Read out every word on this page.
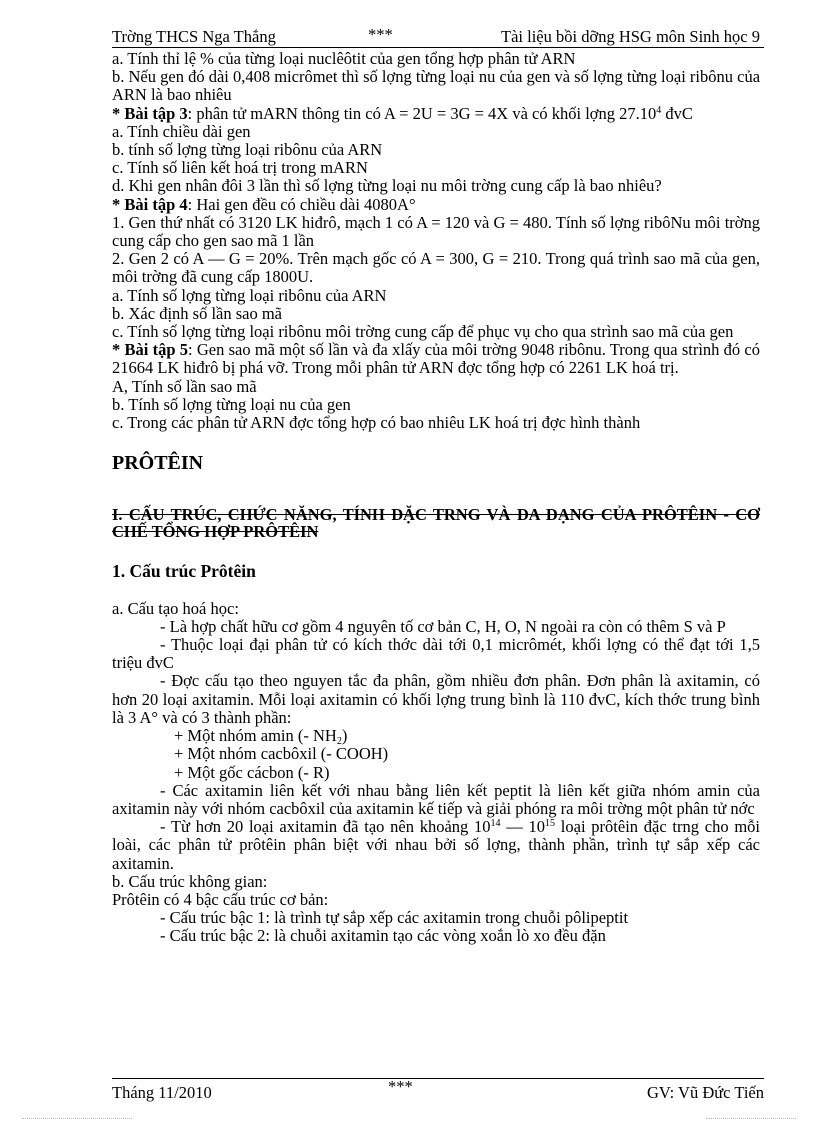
Trờng THCS Nga Thắng	***	Tài liệu bồi dỡng HSG môn Sinh học 9

a. Tính thỉ lệ % của từng loại nuclêôtit của gen tổng hợp phân tử ARN

b. Nếu gen đó dài 0,408 micrômet thì số lợng từng loại nu của gen và số lợng từng loại ribônu của ARN là bao nhiêu

* Bài tập 3: phân tử mARN thông tin có A = 2U = 3G = 4X và có khối lợng 27.10$^4$ đvC

a. Tính chiều dài gen

b. tính số lợng từng loại ribônu của ARN

c. Tính số liên kết hoá trị trong mARN

d. Khi gen nhân đôi 3 lần thì số lợng từng loại nu môi trờng cung cấp là bao nhiêu?

* Bài tập 4: Hai gen đều có chiều dài 4080A°

1. Gen thứ nhất có 3120 LK hiđrô, mạch 1 có A = 120 và G = 480. Tính số lợng ribôNu môi trờng cung cấp cho gen sao mã 1 lần

2. Gen 2 có A — G = 20%. Trên mạch gốc có A = 300, G = 210. Trong quá trình sao mã của gen, môi trờng đã cung cấp 1800U.

a. Tính số lợng từng loại ribônu của ARN

b. Xác định số lần sao mã

c. Tính số lợng từng loại ribônu môi trờng cung cấp để phục vụ cho qua strình sao mã của gen

* Bài tập 5: Gen sao mã một số lần và đa xlấy của môi trờng 9048 ribônu. Trong qua strình đó có 21664 LK hiđrô bị phá vỡ. Trong mỗi phân tử ARN đợc tổng hợp có 2261 LK hoá trị.

A, Tính số lần sao mã

b. Tính số lợng từng loại nu của gen

c. Trong các phân tử ARN đợc tổng hợp có bao nhiêu LK hoá trị đợc hình thành

PRÔTÊIN

I. CẤU TRÚC, CHỨC NĂNG, TÍNH ĐẶC TRNG VÀ ĐA DẠNG CỦA PRÔTÊIN - CƠ CHẾ TỔNG HỢP PRÔTÊIN

1. Cấu trúc Prôtêin

a. Cấu tạo hoá học:

- Là hợp chất hữu cơ gồm 4 nguyên tố cơ bản C, H, O, N ngoài ra còn có thêm S và P

- Thuộc loại đại phân tử có kích thớc dài tới 0,1 micrômét, khối lợng có thể đạt tới 1,5 triệu đvC

- Đợc cấu tạo theo nguyen tắc đa phân, gồm nhiều đơn phân. Đơn phân là axitamin, có hơn 20 loại axitamin. Mỗi loại axitamin có khối lợng trung bình là 110 đvC, kích thớc trung bình là 3 A° và có 3 thành phần:

+ Một nhóm amin (- $NH_2$)

+ Một nhóm cacbôxil (- COOH)

+ Một gốc cácbon (- R)

- Các axitamin liên kết với nhau bằng liên kết peptit là liên kết giữa nhóm amin của axitamin này với nhóm cacbôxil của axitamin kế tiếp và giải phóng ra môi trờng một phân tử nớc

- Từ hơn 20 loại axitamin đã tạo nên khoảng $10^{14}$ — $10^{15}$ loại prôtêin đặc trng cho mỗi loài, các phân tử prôtêin phân biệt với nhau bởi số lợng, thành phần, trình tự sắp xếp các axitamin.

b. Cấu trúc không gian:

Prôtêin có 4 bậc cấu trúc cơ bản:

- Cấu trúc bậc 1: là trình tự sắp xếp các axitamin trong chuỗi pôlipeptit

- Cấu trúc bậc 2: là chuỗi axitamin tạo các vòng xoắn lò xo đều đặn

Tháng 11/2010	***	GV: Vũ Đức Tiến
